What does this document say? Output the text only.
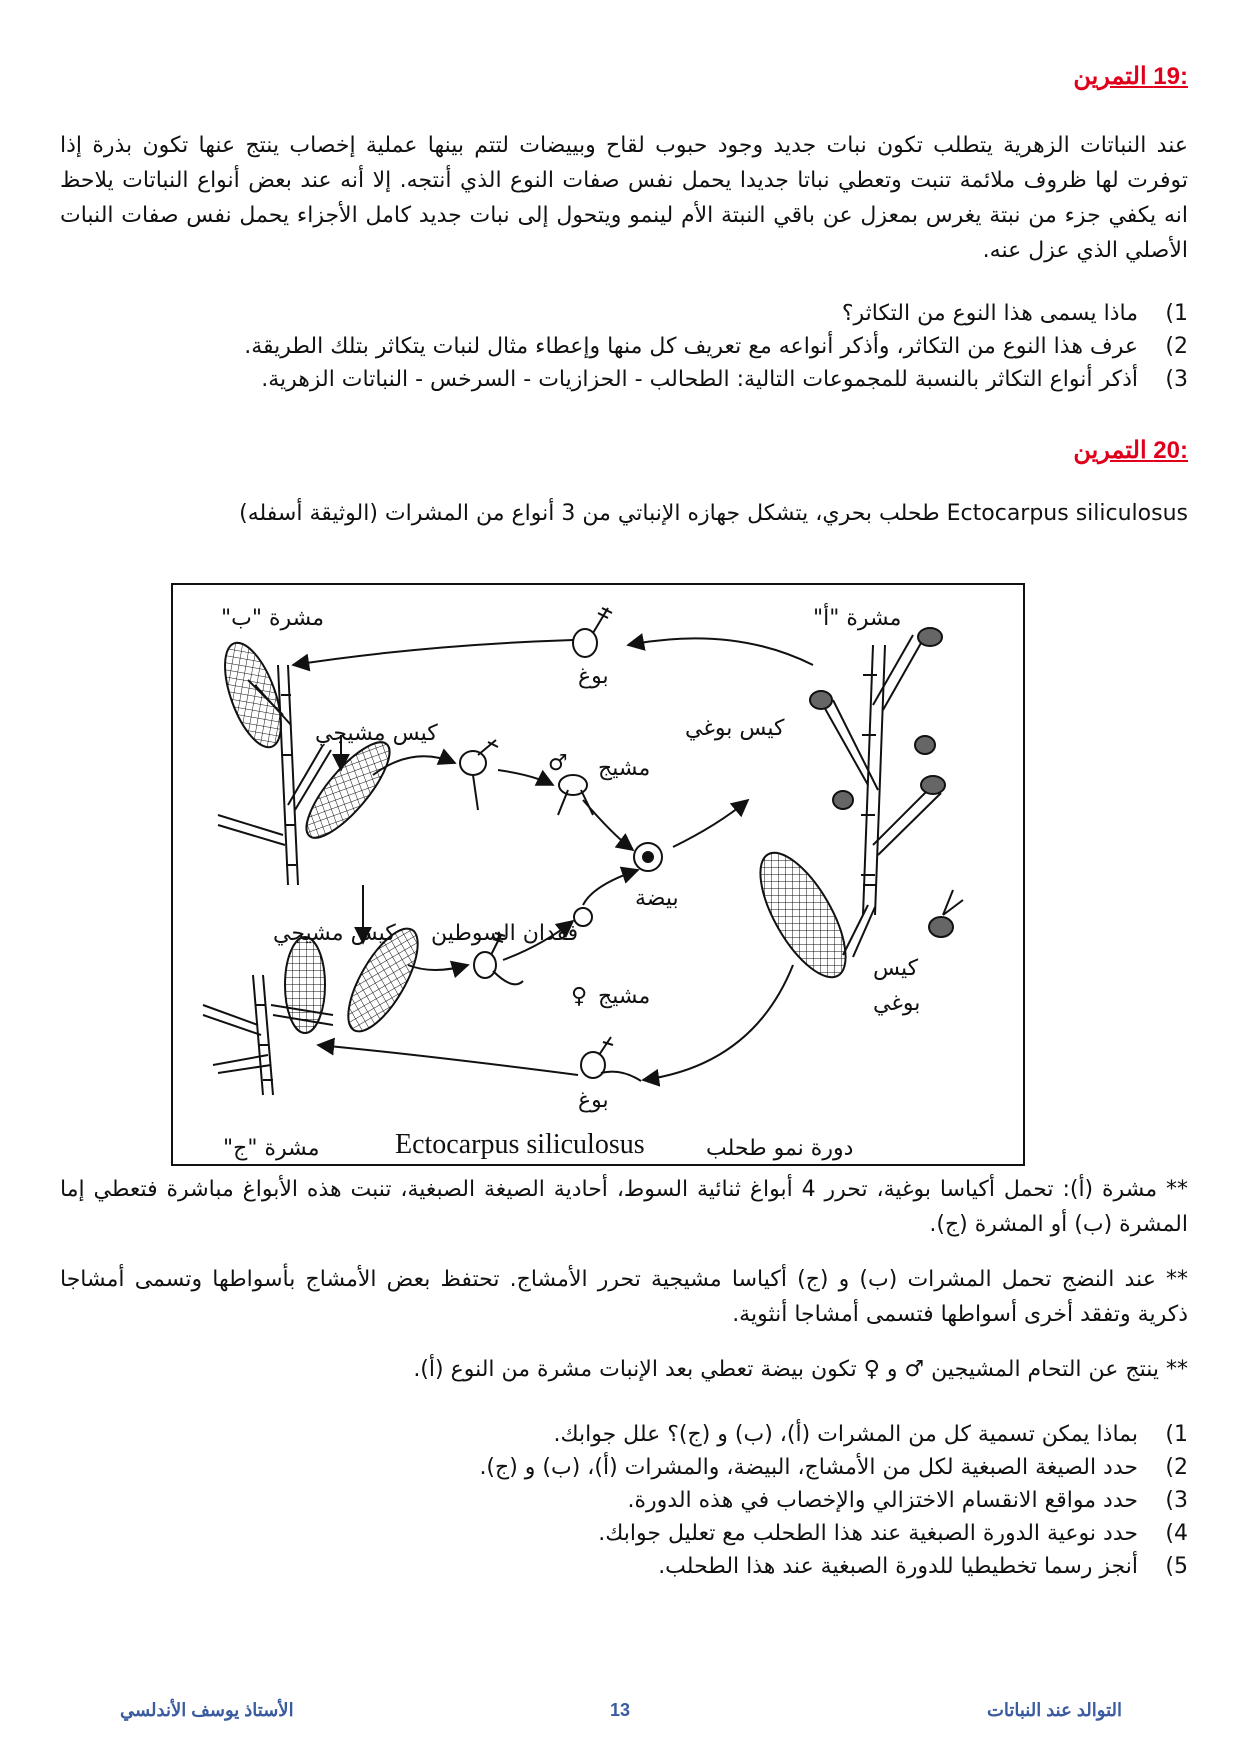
:19 التمرين
عند النباتات الزهرية يتطلب تكون نبات جديد وجود حبوب لقاح وبييضات لتتم بينها عملية إخصاب ينتج عنها تكون بذرة إذا توفرت لها ظروف ملائمة تنبت وتعطي نباتا جديدا يحمل نفس صفات النوع الذي أنتجه. إلا أنه عند بعض أنواع النباتات يلاحظ انه يكفي جزء من نبتة يغرس بمعزل عن باقي النبتة الأم لينمو ويتحول إلى نبات جديد كامل الأجزاء يحمل نفس صفات النبات الأصلي الذي عزل عنه.
1)
ماذا يسمى هذا النوع من التكاثر؟
2)
عرف هذا النوع من التكاثر، وأذكر أنواعه مع تعريف كل منها وإعطاء مثال لنبات يتكاثر بتلك الطريقة.
3)
أذكر أنواع التكاثر بالنسبة للمجموعات التالية: الطحالب - الحزازيات - السرخس - النباتات الزهرية.
:20 التمرين
Ectocarpus siliculosus طحلب بحري، يتشكل جهازه الإنباتي من 3 أنواع من المشرات (الوثيقة أسفله)
"مشرة "أ
"مشرة "ب
"مشرة "ج
بوغ
بوغ
كيس بوغي
كيس
بوغي
كيس مشيجي
كيس مشيجي
مشيج
♂
مشيج
♀
بيضة
فقدان السوطين
دورة نمو طحلب
Ectocarpus siliculosus
** مشرة (أ): تحمل أكياسا بوغية، تحرر 4 أبواغ ثنائية السوط، أحادية الصيغة الصبغية، تنبت هذه الأبواغ مباشرة فتعطي إما المشرة (ب) أو المشرة (ج).
** عند النضج تحمل المشرات (ب) و (ج) أكياسا مشيجية تحرر الأمشاج. تحتفظ بعض الأمشاج بأسواطها وتسمى أمشاجا ذكرية وتفقد أخرى أسواطها فتسمى أمشاجا أنثوية.
** ينتج عن التحام المشيجين ♂ و ♀ تكون بيضة تعطي بعد الإنبات مشرة من النوع (أ).
1)
بماذا يمكن تسمية كل من المشرات (أ)، (ب) و (ج)؟ علل جوابك.
2)
حدد الصيغة الصبغية لكل من الأمشاج، البيضة، والمشرات (أ)، (ب) و (ج).
3)
حدد مواقع الانقسام الاختزالي والإخصاب في هذه الدورة.
4)
حدد نوعية الدورة الصبغية عند هذا الطحلب مع تعليل جوابك.
5)
أنجز رسما تخطيطيا للدورة الصبغية عند هذا الطحلب.
الأستاذ يوسف الأندلسي	13	التوالد عند النباتات
